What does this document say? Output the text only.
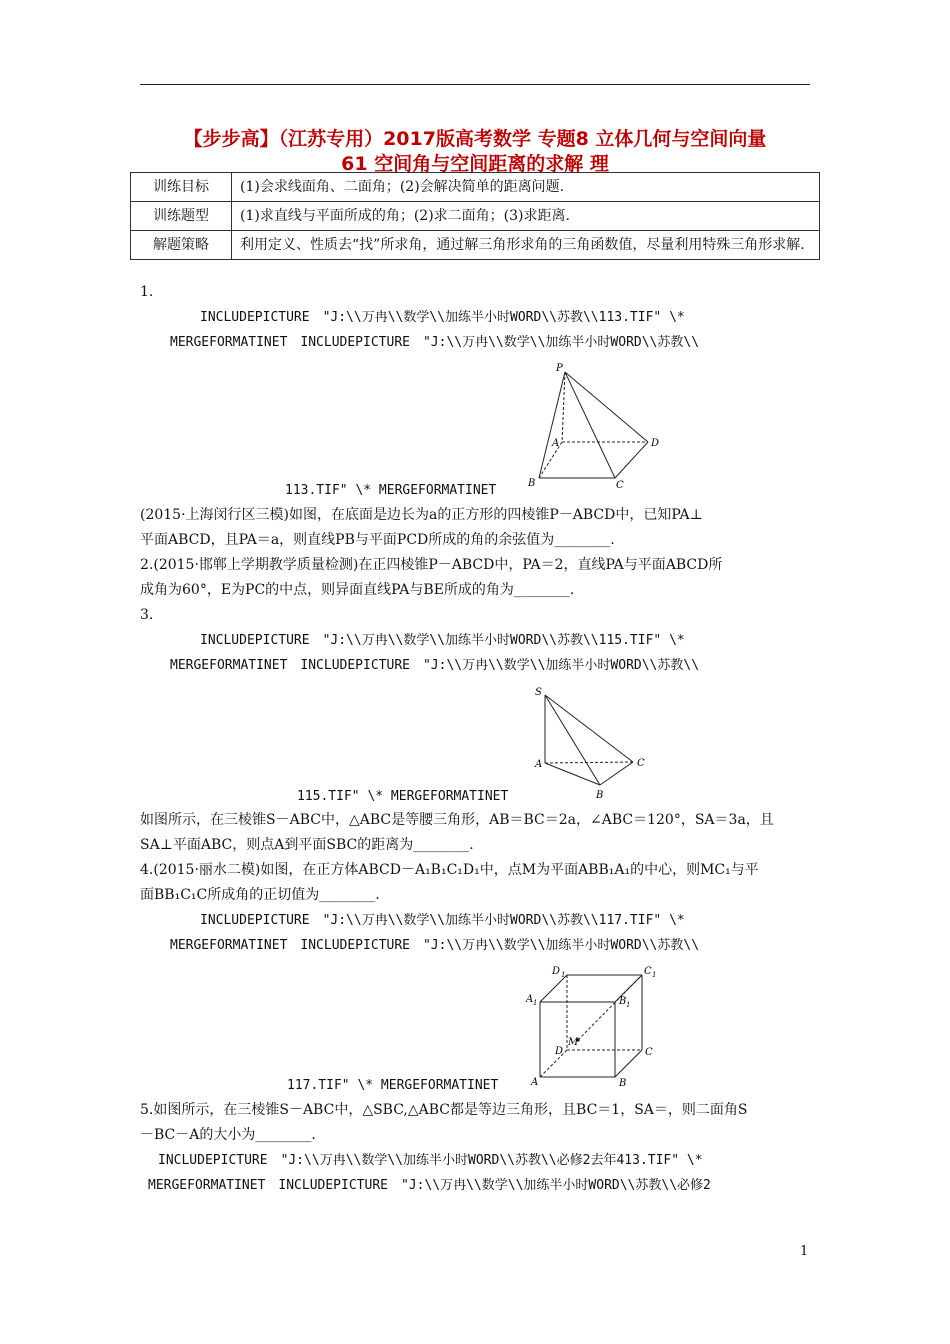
【步步高】（江苏专用）2017版高考数学 专题8 立体几何与空间向量
61 空间角与空间距离的求解 理
训练目标	(1)会求线面角、二面角；(2)会解决简单的距离问题.
训练题型	(1)求直线与平面所成的角；(2)求二面角；(3)求距离.
解题策略	利用定义、性质去“找”所求角，通过解三角形求角的三角函数值，尽量利用特殊三角形求解.
1.
INCLUDEPICTURE　"J:\\万冉\\数学\\加练半小时WORD\\苏教\\113.TIF" \*
MERGEFORMATINET　INCLUDEPICTURE　"J:\\万冉\\数学\\加练半小时WORD\\苏教\\
P
A
B	C
D
113.TIF" \* MERGEFORMATINET
(2015·上海闵行区三模)如图，在底面是边长为a的正方形的四棱锥P－ABCD中，已知PA⊥
平面ABCD，且PA＝a，则直线PB与平面PCD所成的角的余弦值为________.
2.(2015·邯郸上学期教学质量检测)在正四棱锥P－ABCD中，PA＝2，直线PA与平面ABCD所
成角为60°，E为PC的中点，则异面直线PA与BE所成的角为________.
3.
INCLUDEPICTURE　"J:\\万冉\\数学\\加练半小时WORD\\苏教\\115.TIF" \*
MERGEFORMATINET　INCLUDEPICTURE　"J:\\万冉\\数学\\加练半小时WORD\\苏教\\
S
A
B
C
115.TIF" \* MERGEFORMATINET
如图所示，在三棱锥S－ABC中，△ABC是等腰三角形，AB＝BC＝2a，∠ABC＝120°，SA＝3a，且
SA⊥平面ABC，则点A到平面SBC的距离为________.
4.(2015·丽水二模)如图，在正方体ABCD－A₁B₁C₁D₁中，点M为平面ABB₁A₁的中心，则MC₁与平
面BB₁C₁C所成角的正切值为________.
INCLUDEPICTURE　"J:\\万冉\\数学\\加练半小时WORD\\苏教\\117.TIF" \*
MERGEFORMATINET　INCLUDEPICTURE　"J:\\万冉\\数学\\加练半小时WORD\\苏教\\
D 1	C 1
A 1	B 1
M
D	C
A	B
117.TIF" \* MERGEFORMATINET
5.如图所示，在三棱锥S－ABC中，△SBC,△ABC都是等边三角形，且BC＝1，SA＝，则二面角S
－BC－A的大小为________.
INCLUDEPICTURE　"J:\\万冉\\数学\\加练半小时WORD\\苏教\\必修2去年413.TIF" \*
MERGEFORMATINET　INCLUDEPICTURE　"J:\\万冉\\数学\\加练半小时WORD\\苏教\\必修2
1
